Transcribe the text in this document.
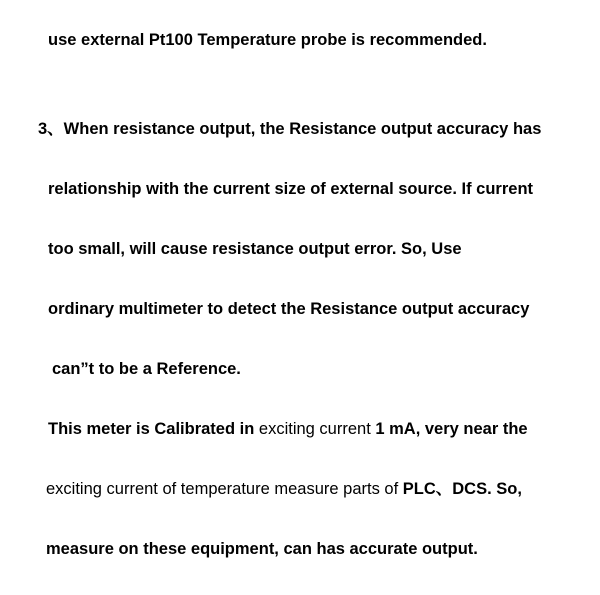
use external Pt100 Temperature probe is recommended.
3、When resistance output, the Resistance output accuracy has
relationship with the current size of external source. If current
too small, will cause resistance output error. So, Use
ordinary multimeter to detect the Resistance output accuracy
can”t to be a Reference.
This meter is Calibrated in exciting current 1 mA, very near the
exciting current of temperature measure parts of PLC、DCS. So,
measure on these equipment, can has accurate output.
